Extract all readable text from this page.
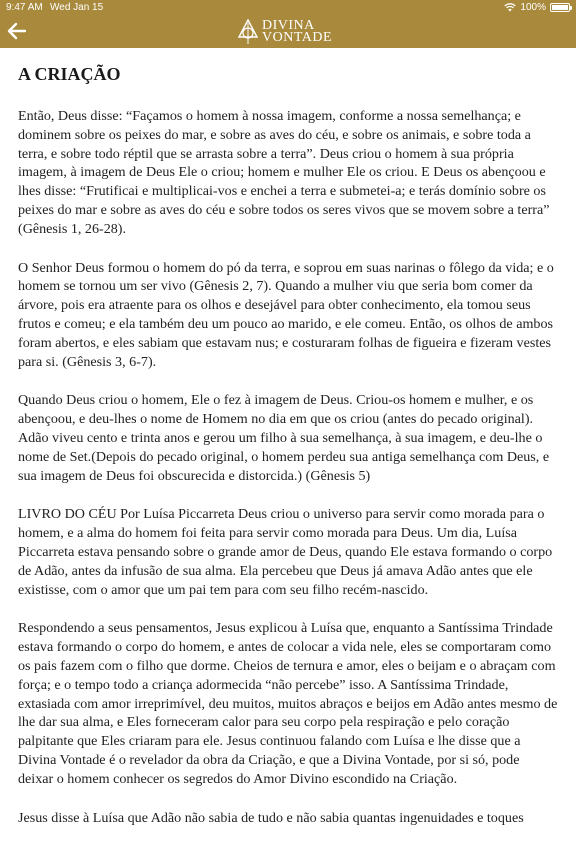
9:47 AM Wed Jan 15	100%
DIVINA
VONTADE
A CRIAÇÃO

Então, Deus disse: “Façamos o homem à nossa imagem, conforme a nossa semelhança; e dominem sobre os peixes do mar, e sobre as aves do céu, e sobre os animais, e sobre toda a terra, e sobre todo réptil que se arrasta sobre a terra”. Deus criou o homem à sua própria imagem, à imagem de Deus Ele o criou; homem e mulher Ele os criou. E Deus os abençoou e lhes disse: “Frutificai e multiplicai-vos e enchei a terra e submetei-a; e terás domínio sobre os peixes do mar e sobre as aves do céu e sobre todos os seres vivos que se movem sobre a terra” (Gênesis 1, 26-28).

O Senhor Deus formou o homem do pó da terra, e soprou em suas narinas o fôlego da vida; e o homem se tornou um ser vivo (Gênesis 2, 7). Quando a mulher viu que seria bom comer da árvore, pois era atraente para os olhos e desejável para obter conhecimento, ela tomou seus frutos e comeu; e ela também deu um pouco ao marido, e ele comeu. Então, os olhos de ambos foram abertos, e eles sabiam que estavam nus; e costuraram folhas de figueira e fizeram vestes para si. (Gênesis 3, 6-7).

Quando Deus criou o homem, Ele o fez à imagem de Deus. Criou-os homem e mulher, e os abençoou, e deu-lhes o nome de Homem no dia em que os criou (antes do pecado original). Adão viveu cento e trinta anos e gerou um filho à sua semelhança, à sua imagem, e deu-lhe o nome de Set.(Depois do pecado original, o homem perdeu sua antiga semelhança com Deus, e sua imagem de Deus foi obscurecida e distorcida.) (Gênesis 5)

LIVRO DO CÉU Por Luísa Piccarreta Deus criou o universo para servir como morada para o homem, e a alma do homem foi feita para servir como morada para Deus. Um dia, Luísa Piccarreta estava pensando sobre o grande amor de Deus, quando Ele estava formando o corpo de Adão, antes da infusão de sua alma. Ela percebeu que Deus já amava Adão antes que ele existisse, com o amor que um pai tem para com seu filho recém-nascido.

Respondendo a seus pensamentos, Jesus explicou à Luísa que, enquanto a Santíssima Trindade estava formando o corpo do homem, e antes de colocar a vida nele, eles se comportaram como os pais fazem com o filho que dorme. Cheios de ternura e amor, eles o beijam e o abraçam com força; e o tempo todo a criança adormecida “não percebe” isso. A Santíssima Trindade, extasiada com amor irreprimível, deu muitos, muitos abraços e beijos em Adão antes mesmo de lhe dar sua alma, e Eles forneceram calor para seu corpo pela respiração e pelo coração palpitante que Eles criaram para ele. Jesus continuou falando com Luísa e lhe disse que a Divina Vontade é o revelador da obra da Criação, e que a Divina Vontade, por si só, pode deixar o homem conhecer os segredos do Amor Divino escondido na Criação.

Jesus disse à Luísa que Adão não sabia de tudo e não sabia quantas ingenuidades e toques
